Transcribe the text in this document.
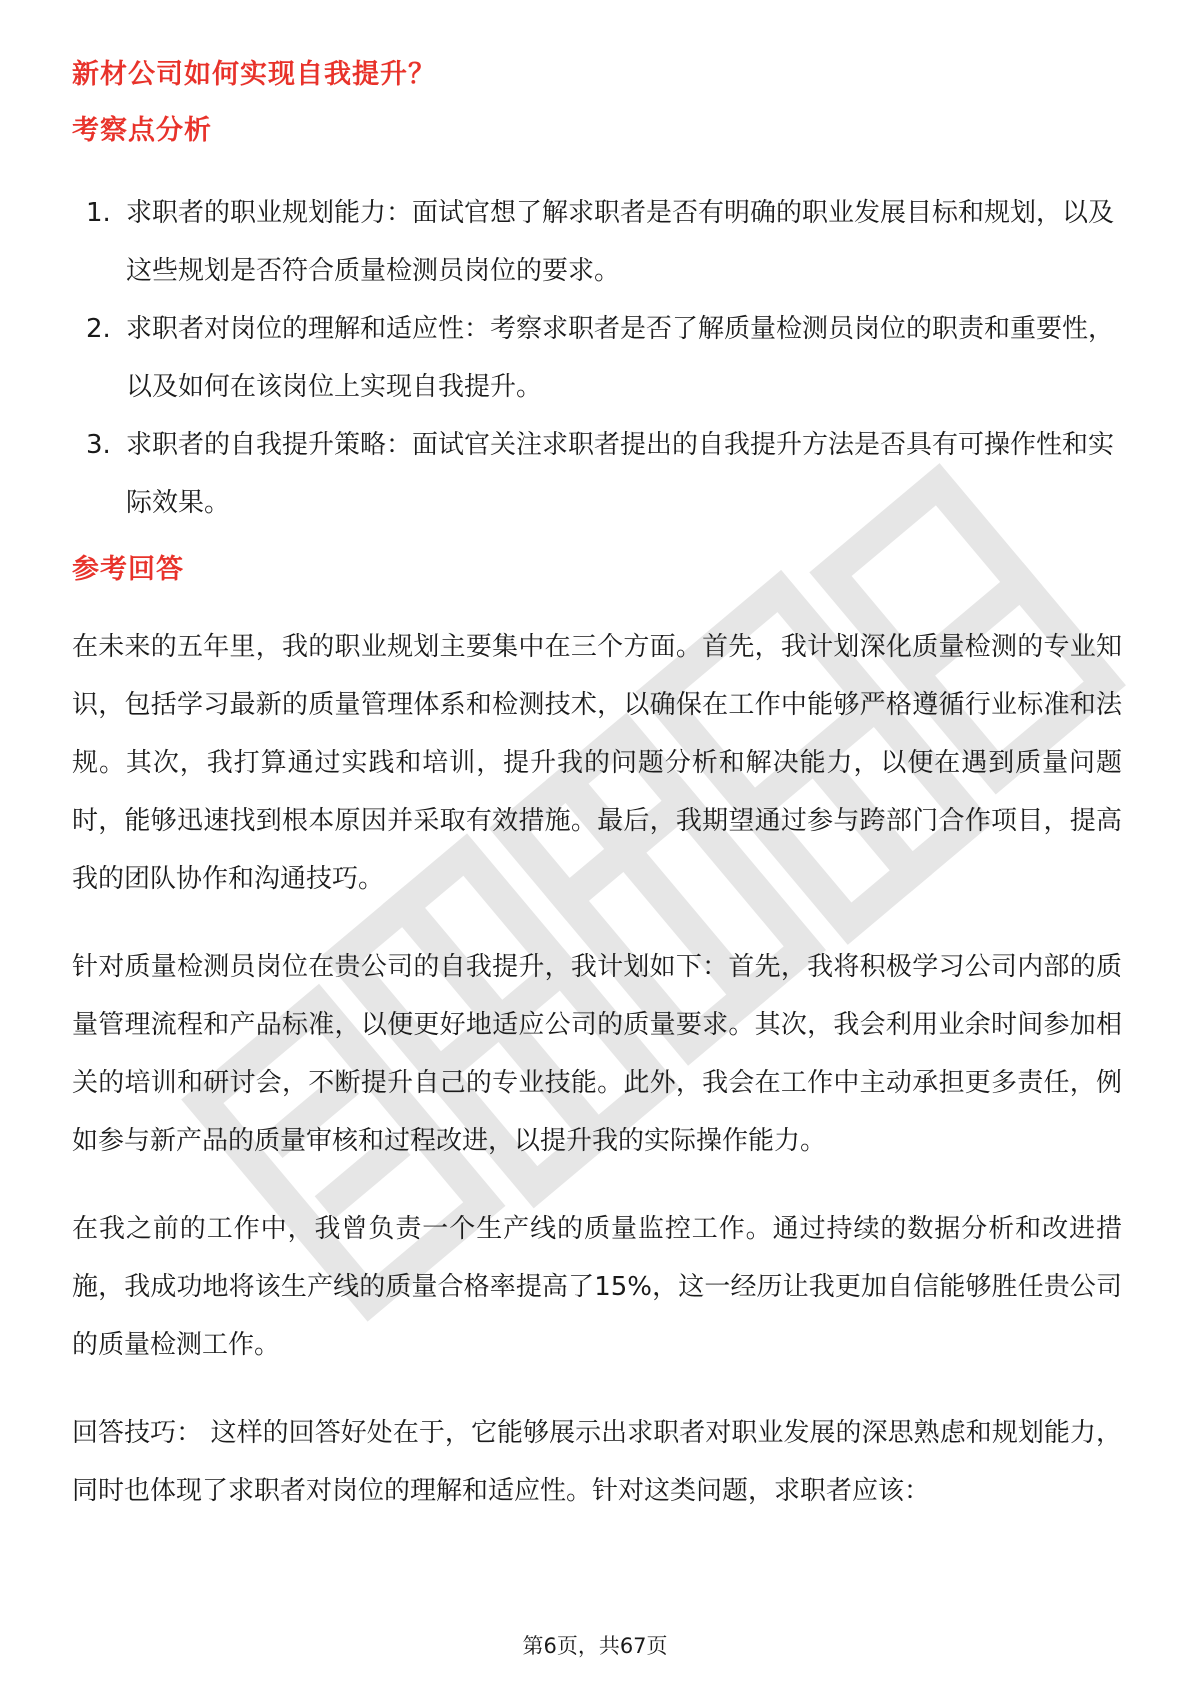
新材公司如何实现自我提升？
考察点分析
1. 求职者的职业规划能力：面试官想了解求职者是否有明确的职业发展目标和规划，以及这些规划是否符合质量检测员岗位的要求。
2. 求职者对岗位的理解和适应性：考察求职者是否了解质量检测员岗位的职责和重要性，以及如何在该岗位上实现自我提升。
3. 求职者的自我提升策略：面试官关注求职者提出的自我提升方法是否具有可操作性和实际效果。
参考回答

在未来的五年里，我的职业规划主要集中在三个方面。首先，我计划深化质量检测的专业知识，包括学习最新的质量管理体系和检测技术，以确保在工作中能够严格遵循行业标准和法规。其次，我打算通过实践和培训，提升我的问题分析和解决能力，以便在遇到质量问题时，能够迅速找到根本原因并采取有效措施。最后，我期望通过参与跨部门合作项目，提高我的团队协作和沟通技巧。

针对质量检测员岗位在贵公司的自我提升，我计划如下：首先，我将积极学习公司内部的质量管理流程和产品标准，以便更好地适应公司的质量要求。其次，我会利用业余时间参加相关的培训和研讨会，不断提升自己的专业技能。此外，我会在工作中主动承担更多责任，例如参与新产品的质量审核和过程改进，以提升我的实际操作能力。

在我之前的工作中，我曾负责一个生产线的质量监控工作。通过持续的数据分析和改进措施，我成功地将该生产线的质量合格率提高了15%，这一经历让我更加自信能够胜任贵公司的质量检测工作。

回答技巧： 这样的回答好处在于，它能够展示出求职者对职业发展的深思熟虑和规划能力，同时也体现了求职者对岗位的理解和适应性。针对这类问题，求职者应该：

第6页，共67页
